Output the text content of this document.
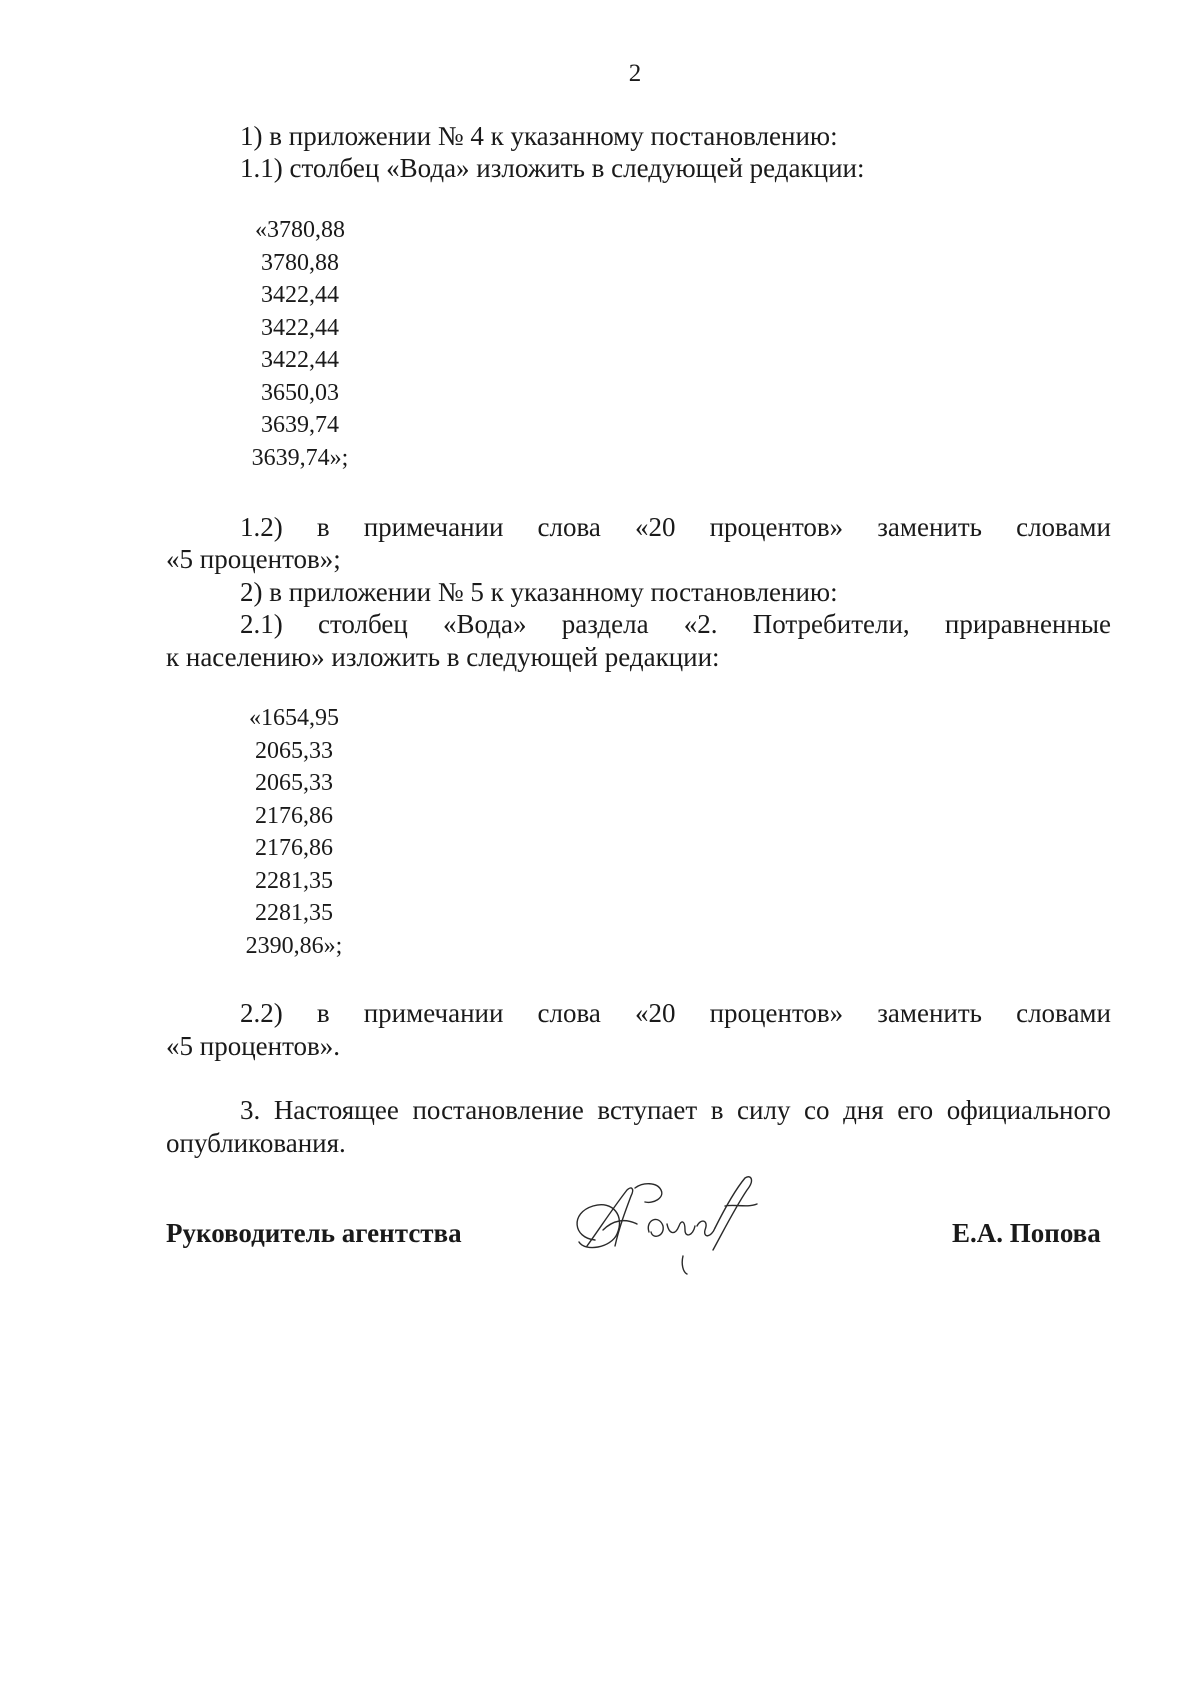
2
1) в приложении № 4 к указанному постановлению:
1.1) столбец «Вода» изложить в следующей редакции:
«3780,88
3780,88
3422,44
3422,44
3422,44
3650,03
3639,74
3639,74»;
1.2) в примечании слова «20 процентов» заменить словами
«5 процентов»;
2) в приложении № 5 к указанному постановлению:
2.1) столбец «Вода» раздела «2. Потребители, приравненные
к населению» изложить в следующей редакции:
«1654,95
2065,33
2065,33
2176,86
2176,86
2281,35
2281,35
2390,86»;
2.2) в примечании слова «20 процентов» заменить словами
«5 процентов».
3. Настоящее постановление вступает в силу со дня его официального
опубликования.
Руководитель агентства	Е.А. Попова
